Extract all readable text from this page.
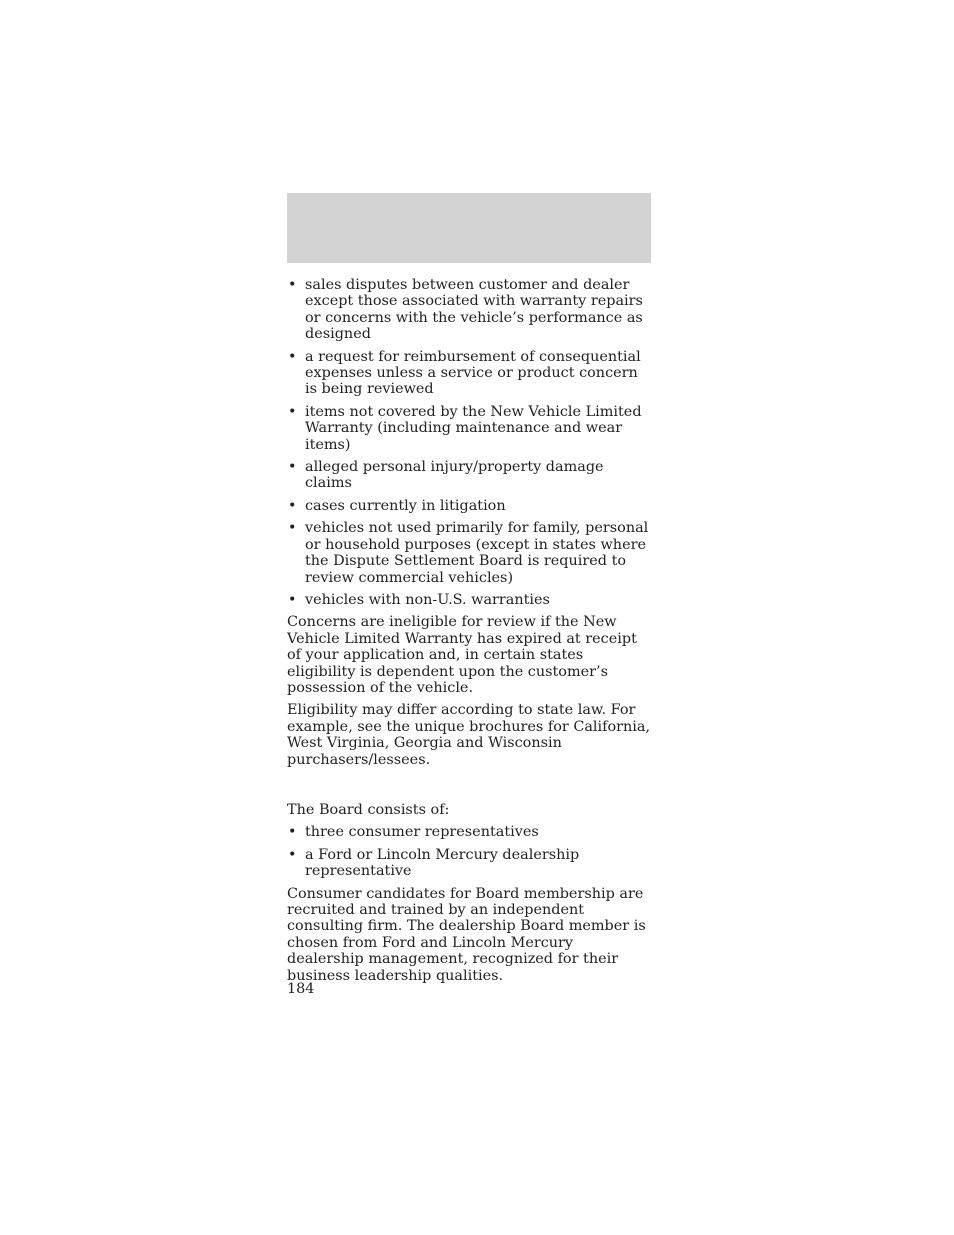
• sales disputes between customer and dealer except those associated with warranty repairs or concerns with the vehicle’s performance as designed
• a request for reimbursement of consequential expenses unless a service or product concern is being reviewed
• items not covered by the New Vehicle Limited Warranty (including maintenance and wear items)
• alleged personal injury/property damage claims
• cases currently in litigation
• vehicles not used primarily for family, personal or household purposes (except in states where the Dispute Settlement Board is required to review commercial vehicles)
• vehicles with non-U.S. warranties

Concerns are ineligible for review if the New Vehicle Limited Warranty has expired at receipt of your application and, in certain states eligibility is dependent upon the customer’s possession of the vehicle.

Eligibility may differ according to state law. For example, see the unique brochures for California, West Virginia, Georgia and Wisconsin purchasers/lessees.

The Board consists of:

• three consumer representatives
• a Ford or Lincoln Mercury dealership representative

Consumer candidates for Board membership are recruited and trained by an independent consulting firm. The dealership Board member is chosen from Ford and Lincoln Mercury dealership management, recognized for their business leadership qualities.

184
